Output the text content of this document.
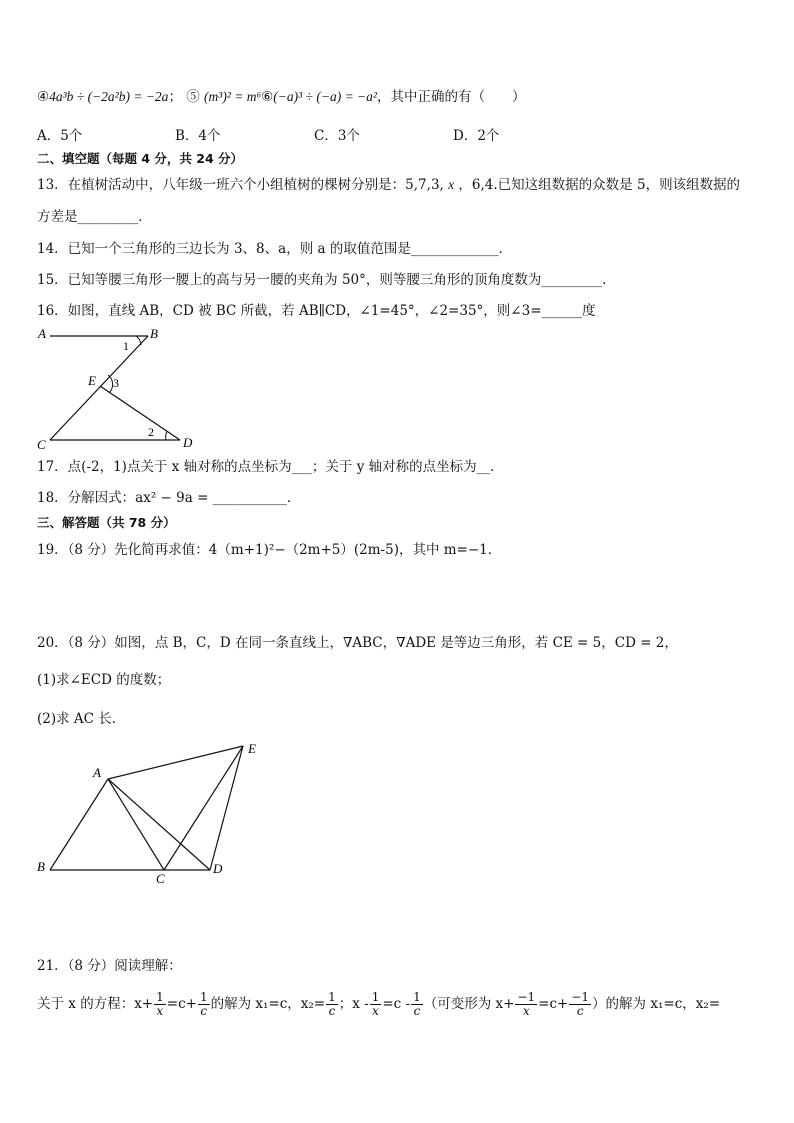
④4a³b ÷ (−2a²b) = −2a； ⑤ (m³)² = m⁶⑥(−a)³ ÷ (−a) = −a²，其中正确的有（　　）
A．5个	B．4个	C．3个	D．2个
二、填空题（每题 4 分，共 24 分）
13．在植树活动中，八年级一班六个小组植树的棵树分别是：5,7,3, x ，6,4.已知这组数据的众数是 5，则该组数据的
方差是_________．
14．已知一个三角形的三边长为 3、8、a，则 a 的取值范围是_____________．
15．已知等腰三角形一腰上的高与另一腰的夹角为 50°，则等腰三角形的顶角度数为_________．
16．如图，直线 AB，CD 被 BC 所截，若 AB∥CD，∠1=45°，∠2=35°，则∠3=______度
A	B
C	D
E
1
2
3
17．点(-2，1)点关于 x 轴对称的点坐标为___；关于 y 轴对称的点坐标为__．
18．分解因式：ax² − 9a = ___________．
三、解答题（共 78 分）
19．（8 分）先化简再求值：4（m+1)²−（2m+5）(2m-5)，其中 m=−1．
20．（8 分）如图，点 B，C，D 在同一条直线上，∇ABC，∇ADE 是等边三角形，若 CE = 5，CD = 2，
(1)求∠ECD 的度数；
(2)求 AC 长．
A
B
C
D
E
21．（8 分）阅读理解：
关于 x 的方程：$x+ \frac{1}{x} =c+ \frac{1}{c}$ 的解为 x₁=c，$x_2= \frac{1}{c}$ ；$x - \frac{1}{x} =c - \frac{1}{c}$ （可变形为 $x+ \frac{-1}{x} =c+ \frac{-1}{c}$ ）的解为 x₁=c，x₂=
